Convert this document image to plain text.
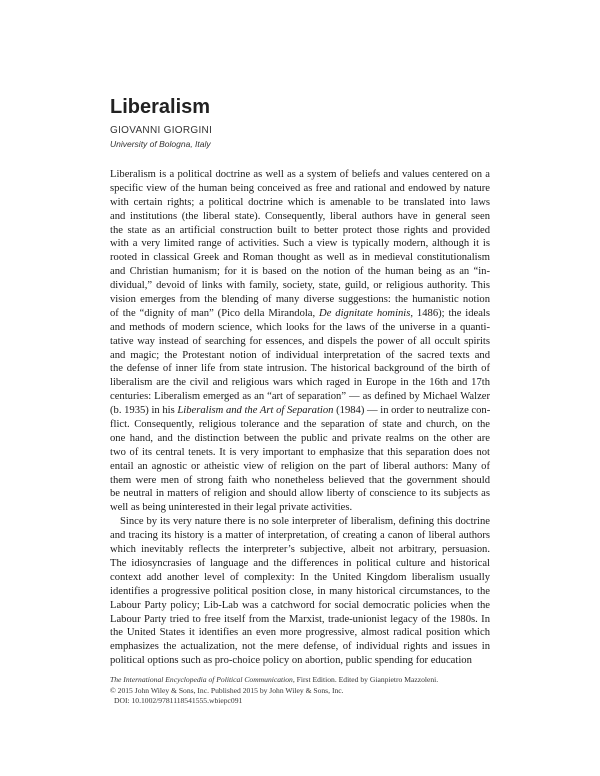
Liberalism
GIOVANNI GIORGINI
University of Bologna, Italy
Liberalism is a political doctrine as well as a system of beliefs and values centered on a
specific view of the human being conceived as free and rational and endowed by nature
with certain rights; a political doctrine which is amenable to be translated into laws
and institutions (the liberal state). Consequently, liberal authors have in general seen
the state as an artificial construction built to better protect those rights and provided
with a very limited range of activities. Such a view is typically modern, although it is
rooted in classical Greek and Roman thought as well as in medieval constitutionalism
and Christian humanism; for it is based on the notion of the human being as an “in-
dividual,” devoid of links with family, society, state, guild, or religious authority. This
vision emerges from the blending of many diverse suggestions: the humanistic notion
of the “dignity of man” (Pico della Mirandola, De dignitate hominis, 1486); the ideals
and methods of modern science, which looks for the laws of the universe in a quanti-
tative way instead of searching for essences, and dispels the power of all occult spirits
and magic; the Protestant notion of individual interpretation of the sacred texts and
the defense of inner life from state intrusion. The historical background of the birth of
liberalism are the civil and religious wars which raged in Europe in the 16th and 17th
centuries: Liberalism emerged as an “art of separation” — as defined by Michael Walzer
(b. 1935) in his Liberalism and the Art of Separation (1984) — in order to neutralize con-
flict. Consequently, religious tolerance and the separation of state and church, on the
one hand, and the distinction between the public and private realms on the other are
two of its central tenets. It is very important to emphasize that this separation does not
entail an agnostic or atheistic view of religion on the part of liberal authors: Many of
them were men of strong faith who nonetheless believed that the government should
be neutral in matters of religion and should allow liberty of conscience to its subjects as
well as being uninterested in their legal private activities.
Since by its very nature there is no sole interpreter of liberalism, defining this doctrine
and tracing its history is a matter of interpretation, of creating a canon of liberal authors
which inevitably reflects the interpreter’s subjective, albeit not arbitrary, persuasion.
The idiosyncrasies of language and the differences in political culture and historical
context add another level of complexity: In the United Kingdom liberalism usually
identifies a progressive political position close, in many historical circumstances, to the
Labour Party policy; Lib-Lab was a catchword for social democratic policies when the
Labour Party tried to free itself from the Marxist, trade-unionist legacy of the 1980s. In
the United States it identifies an even more progressive, almost radical position which
emphasizes the actualization, not the mere defense, of individual rights and issues in
political options such as pro-choice policy on abortion, public spending for education
The International Encyclopedia of Political Communication, First Edition. Edited by Gianpietro Mazzoleni.
© 2015 John Wiley & Sons, Inc. Published 2015 by John Wiley & Sons, Inc.
DOI: 10.1002/9781118541555.wbiepc091
